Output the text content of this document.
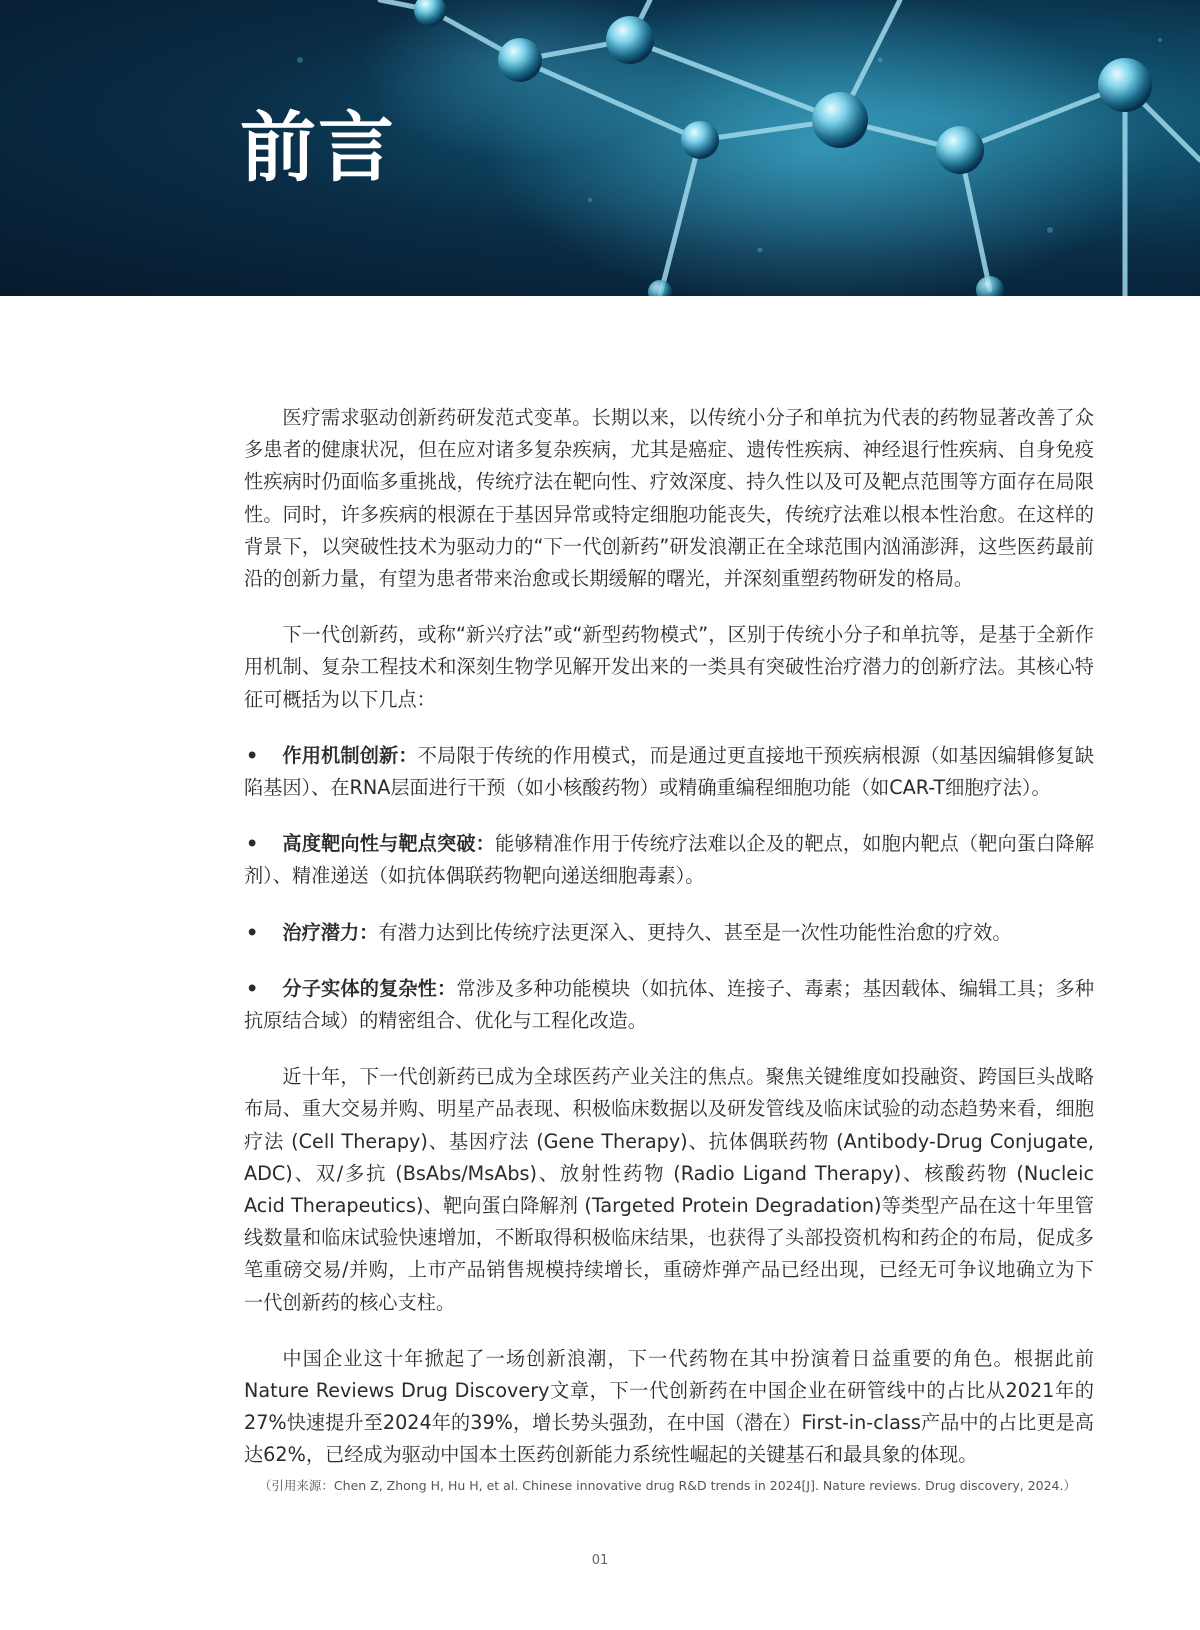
前言

医疗需求驱动创新药研发范式变革。长期以来，以传统小分子和单抗为代表的药物显著改善了众多患者的健康状况，但在应对诸多复杂疾病，尤其是癌症、遗传性疾病、神经退行性疾病、自身免疫性疾病时仍面临多重挑战，传统疗法在靶向性、疗效深度、持久性以及可及靶点范围等方面存在局限性。同时，许多疾病的根源在于基因异常或特定细胞功能丧失，传统疗法难以根本性治愈。在这样的背景下，以突破性技术为驱动力的“下一代创新药”研发浪潮正在全球范围内汹涌澎湃，这些医药最前沿的创新力量，有望为患者带来治愈或长期缓解的曙光，并深刻重塑药物研发的格局。

下一代创新药，或称“新兴疗法”或“新型药物模式”，区别于传统小分子和单抗等，是基于全新作用机制、复杂工程技术和深刻生物学见解开发出来的一类具有突破性治疗潜力的创新疗法。其核心特征可概括为以下几点：

• 作用机制创新：不局限于传统的作用模式，而是通过更直接地干预疾病根源（如基因编辑修复缺陷基因）、在RNA层面进行干预（如小核酸药物）或精确重编程细胞功能（如CAR-T细胞疗法）。
• 高度靶向性与靶点突破：能够精准作用于传统疗法难以企及的靶点，如胞内靶点（靶向蛋白降解剂）、精准递送（如抗体偶联药物靶向递送细胞毒素）。
• 治疗潜力：有潜力达到比传统疗法更深入、更持久、甚至是一次性功能性治愈的疗效。
• 分子实体的复杂性：常涉及多种功能模块（如抗体、连接子、毒素；基因载体、编辑工具；多种抗原结合域）的精密组合、优化与工程化改造。

近十年，下一代创新药已成为全球医药产业关注的焦点。聚焦关键维度如投融资、跨国巨头战略布局、重大交易并购、明星产品表现、积极临床数据以及研发管线及临床试验的动态趋势来看，细胞疗法 (Cell Therapy)、基因疗法 (Gene Therapy)、抗体偶联药物 (Antibody-Drug Conjugate, ADC)、双/多抗 (BsAbs/MsAbs)、放射性药物 (Radio Ligand Therapy)、核酸药物 (Nucleic Acid Therapeutics)、靶向蛋白降解剂 (Targeted Protein Degradation)等类型产品在这十年里管线数量和临床试验快速增加，不断取得积极临床结果，也获得了头部投资机构和药企的布局，促成多笔重磅交易/并购，上市产品销售规模持续增长，重磅炸弹产品已经出现，已经无可争议地确立为下一代创新药的核心支柱。

中国企业这十年掀起了一场创新浪潮，下一代药物在其中扮演着日益重要的角色。根据此前Nature Reviews Drug Discovery文章，下一代创新药在中国企业在研管线中的占比从2021年的27%快速提升至2024年的39%，增长势头强劲，在中国（潜在）First-in-class产品中的占比更是高达62%，已经成为驱动中国本土医药创新能力系统性崛起的关键基石和最具象的体现。

（引用来源：Chen Z, Zhong H, Hu H, et al. Chinese innovative drug R&D trends in 2024[J]. Nature reviews. Drug discovery, 2024.）

01
